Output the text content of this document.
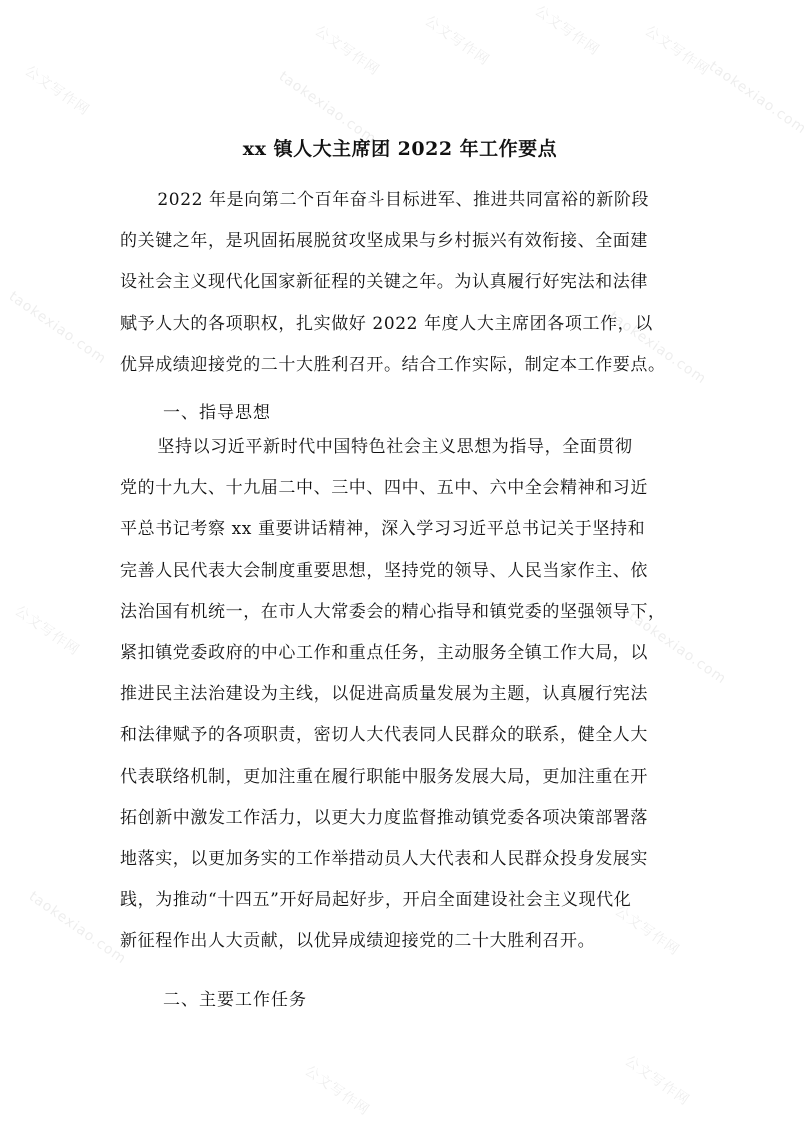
公文写作网	公文写作网	公文写作网	公文写作网
taokexiao.com
taokexiao.com
公文写作网
taokexiao.com	taokexiao.com
公文写作网	taokexiao.com
taokexiao.com	公文写作网
公文写作网	公文写作网
xx 镇人大主席团 2022 年工作要点
2022 年是向第二个百年奋斗目标进军、推进共同富裕的新阶段
的关键之年，是巩固拓展脱贫攻坚成果与乡村振兴有效衔接、全面建
设社会主义现代化国家新征程的关键之年。为认真履行好宪法和法律
赋予人大的各项职权，扎实做好 2022 年度人大主席团各项工作，以
优异成绩迎接党的二十大胜利召开。结合工作实际，制定本工作要点。
一、指导思想
坚持以习近平新时代中国特色社会主义思想为指导，全面贯彻
党的十九大、十九届二中、三中、四中、五中、六中全会精神和习近
平总书记考察 xx 重要讲话精神，深入学习习近平总书记关于坚持和
完善人民代表大会制度重要思想，坚持党的领导、人民当家作主、依
法治国有机统一，在市人大常委会的精心指导和镇党委的坚强领导下，
紧扣镇党委政府的中心工作和重点任务，主动服务全镇工作大局，以
推进民主法治建设为主线，以促进高质量发展为主题，认真履行宪法
和法律赋予的各项职责，密切人大代表同人民群众的联系，健全人大
代表联络机制，更加注重在履行职能中服务发展大局，更加注重在开
拓创新中激发工作活力，以更大力度监督推动镇党委各项决策部署落
地落实，以更加务实的工作举措动员人大代表和人民群众投身发展实
践，为推动“十四五”开好局起好步，开启全面建设社会主义现代化
新征程作出人大贡献，以优异成绩迎接党的二十大胜利召开。
二、主要工作任务
